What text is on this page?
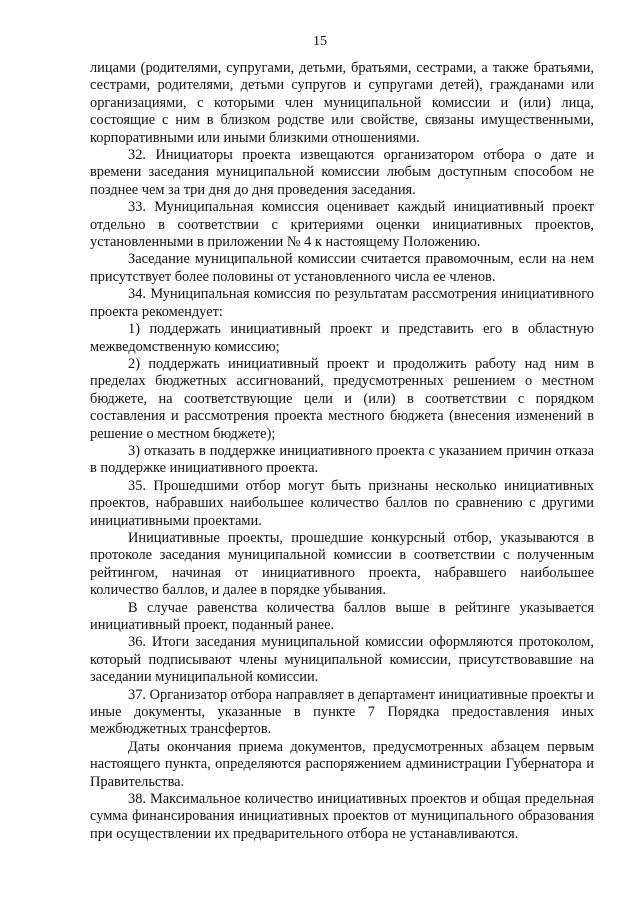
15

лицами (родителями, супругами, детьми, братьями, сестрами, а также братьями, сестрами, родителями, детьми супругов и супругами детей), гражданами или организациями, с которыми член муниципальной комиссии и (или) лица, состоящие с ним в близком родстве или свойстве, связаны имущественными, корпоративными или иными близкими отношениями.

32. Инициаторы проекта извещаются организатором отбора о дате и времени заседания муниципальной комиссии любым доступным способом не позднее чем за три дня до дня проведения заседания.

33. Муниципальная комиссия оценивает каждый инициативный проект отдельно в соответствии с критериями оценки инициативных проектов, установленными в приложении № 4 к настоящему Положению.

Заседание муниципальной комиссии считается правомочным, если на нем присутствует более половины от установленного числа ее членов.

34. Муниципальная комиссия по результатам рассмотрения инициативного проекта рекомендует:

1) поддержать инициативный проект и представить его в областную межведомственную комиссию;

2) поддержать инициативный проект и продолжить работу над ним в пределах бюджетных ассигнований, предусмотренных решением о местном бюджете, на соответствующие цели и (или) в соответствии с порядком составления и рассмотрения проекта местного бюджета (внесения изменений в решение о местном бюджете);

3) отказать в поддержке инициативного проекта с указанием причин отказа в поддержке инициативного проекта.

35. Прошедшими отбор могут быть признаны несколько инициативных проектов, набравших наибольшее количество баллов по сравнению с другими инициативными проектами.

Инициативные проекты, прошедшие конкурсный отбор, указываются в протоколе заседания муниципальной комиссии в соответствии с полученным рейтингом, начиная от инициативного проекта, набравшего наибольшее количество баллов, и далее в порядке убывания.

В случае равенства количества баллов выше в рейтинге указывается инициативный проект, поданный ранее.

36. Итоги заседания муниципальной комиссии оформляются протоколом, который подписывают члены муниципальной комиссии, присутствовавшие на заседании муниципальной комиссии.

37. Организатор отбора направляет в департамент инициативные проекты и иные документы, указанные в пункте 7 Порядка предоставления иных межбюджетных трансфертов.

Даты окончания приема документов, предусмотренных абзацем первым настоящего пункта, определяются распоряжением администрации Губернатора и Правительства.

38. Максимальное количество инициативных проектов и общая предельная сумма финансирования инициативных проектов от муниципального образования при осуществлении их предварительного отбора не устанавливаются.
